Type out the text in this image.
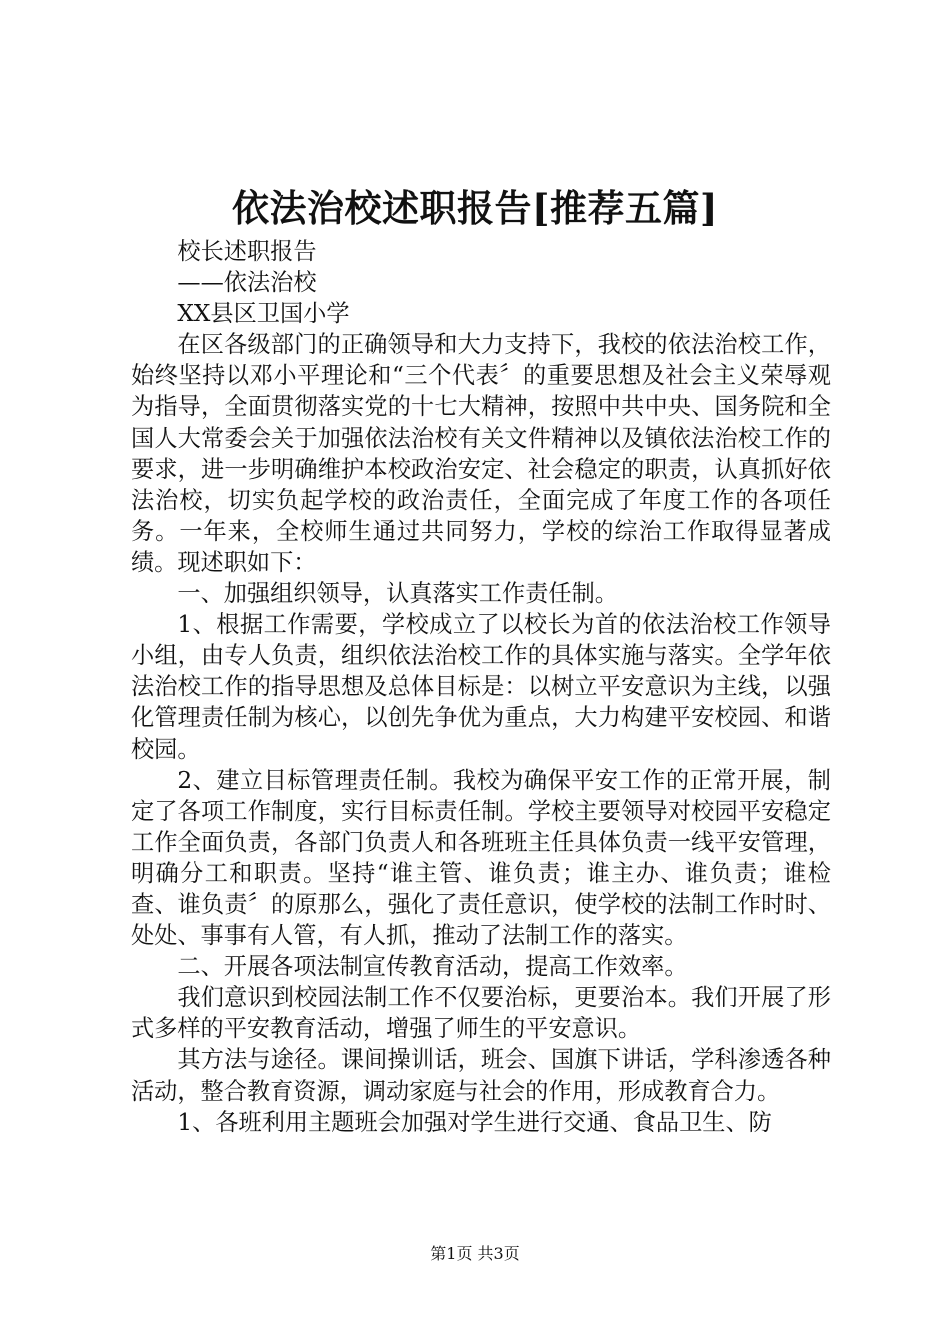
依法治校述职报告[推荐五篇]

校长述职报告

——依法治校

XX县区卫国小学

在区各级部门的正确领导和大力支持下，我校的依法治校工作，始终坚持以邓小平理论和“三个代表〞的重要思想及社会主义荣辱观为指导，全面贯彻落实党的十七大精神，按照中共中央、国务院和全国人大常委会关于加强依法治校有关文件精神以及镇依法治校工作的要求，进一步明确维护本校政治安定、社会稳定的职责，认真抓好依法治校，切实负起学校的政治责任，全面完成了年度工作的各项任务。一年来，全校师生通过共同努力，学校的综治工作取得显著成绩。现述职如下：

一、加强组织领导，认真落实工作责任制。

1、根据工作需要，学校成立了以校长为首的依法治校工作领导小组，由专人负责，组织依法治校工作的具体实施与落实。全学年依法治校工作的指导思想及总体目标是：以树立平安意识为主线，以强化管理责任制为核心，以创先争优为重点，大力构建平安校园、和谐校园。

2、建立目标管理责任制。我校为确保平安工作的正常开展，制定了各项工作制度，实行目标责任制。学校主要领导对校园平安稳定工作全面负责，各部门负责人和各班班主任具体负责一线平安管理，明确分工和职责。坚持“谁主管、谁负责；谁主办、谁负责；谁检查、谁负责〞的原那么，强化了责任意识，使学校的法制工作时时、处处、事事有人管，有人抓，推动了法制工作的落实。

二、开展各项法制宣传教育活动，提高工作效率。

我们意识到校园法制工作不仅要治标，更要治本。我们开展了形式多样的平安教育活动，增强了师生的平安意识。

其方法与途径。课间操训话，班会、国旗下讲话，学科渗透各种活动，整合教育资源，调动家庭与社会的作用，形成教育合力。

1、各班利用主题班会加强对学生进行交通、食品卫生、防

第1页 共3页
